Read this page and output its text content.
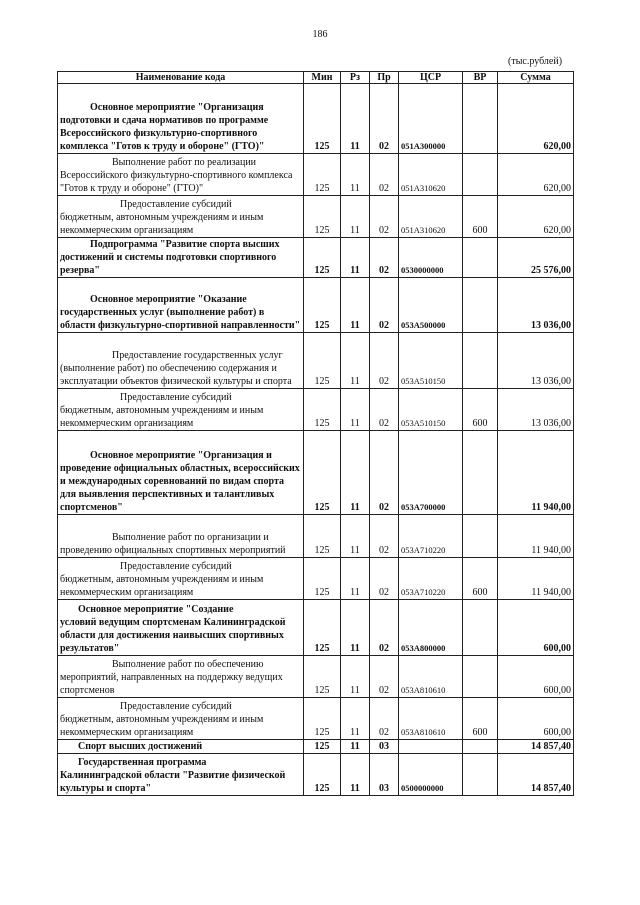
186
(тыс.рублей)
Наименование кода	Мин	Рз	Пр	ЦСР	ВР	Сумма
Основное мероприятие "Организация
подготовки и сдача нормативов по программе Всероссийского физкультурно-спортивного комплекса "Готов к труду и обороне" (ГТО)"	125	11	02	051A300000		620,00
Выполнение работ по реализации
Всероссийского физкультурно-спортивного комплекса "Готов к труду и обороне" (ГТО)"	125	11	02	051A310620		620,00
Предоставление субсидий
бюджетным, автономным учреждениям и иным некоммерческим организациям	125	11	02	051A310620	600	620,00
Подпрограмма "Развитие спорта высших
достижений и системы подготовки спортивного резерва"	125	11	02	0530000000		25 576,00
Основное мероприятие "Оказание
государственных услуг (выполнение работ) в области физкультурно-спортивной направленности"	125	11	02	053A500000		13 036,00
Предоставление государственных услуг
(выполнение работ) по обеспечению содержания и эксплуатации объектов физической культуры и спорта	125	11	02	053A510150		13 036,00
Предоставление субсидий
бюджетным, автономным учреждениям и иным некоммерческим организациям	125	11	02	053A510150	600	13 036,00
Основное мероприятие "Организация и
проведение официальных областных, всероссийских и международных соревнований по видам спорта для выявления перспективных и талантливых спортсменов"	125	11	02	053A700000		11 940,00
Выполнение работ по организации и
проведению официальных спортивных мероприятий	125	11	02	053A710220		11 940,00
Предоставление субсидий
бюджетным, автономным учреждениям и иным некоммерческим организациям	125	11	02	053A710220	600	11 940,00
Основное мероприятие "Создание
условий ведущим спортсменам Калининградской области для достижения наивысших спортивных результатов"	125	11	02	053A800000		600,00
Выполнение работ по обеспечению
мероприятий, направленных на поддержку ведущих спортсменов	125	11	02	053A810610		600,00
Предоставление субсидий
бюджетным, автономным учреждениям и иным некоммерческим организациям	125	11	02	053A810610	600	600,00
Спорт высших достижений	125	11	03			14 857,40
Государственная программа
Калининградской области "Развитие физической культуры и спорта"	125	11	03	0500000000		14 857,40
